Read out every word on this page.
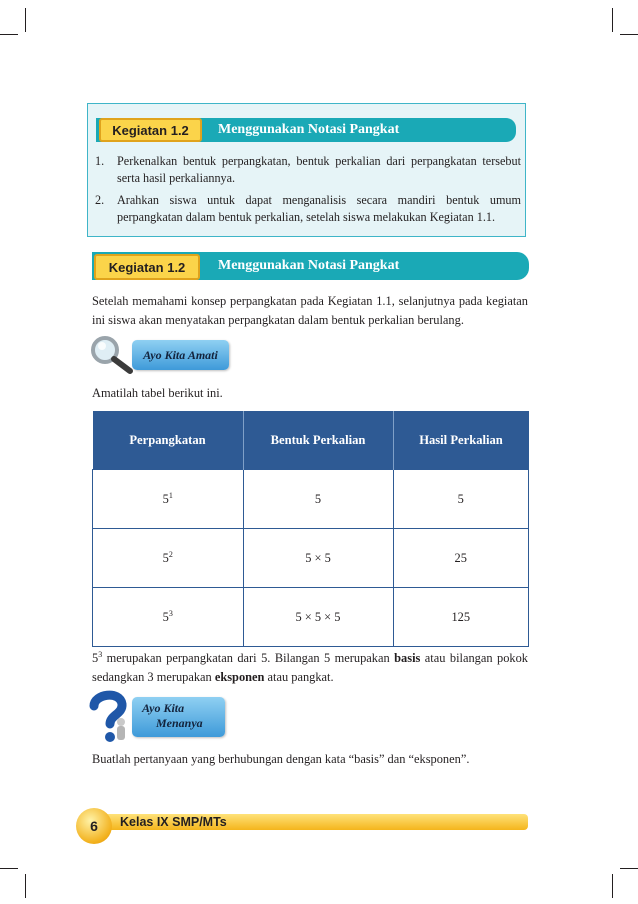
Kegiatan 1.2	Menggunakan Notasi Pangkat
1.	Perkenalkan bentuk perpangkatan, bentuk perkalian dari perpangkatan tersebut serta hasil perkaliannya.
2.	Arahkan siswa untuk dapat menganalisis secara mandiri bentuk umum perpangkatan dalam bentuk perkalian, setelah siswa melakukan Kegiatan 1.1.
Kegiatan 1.2	Menggunakan Notasi Pangkat
Setelah memahami konsep perpangkatan pada Kegiatan 1.1, selanjutnya pada kegiatan ini siswa akan menyatakan perpangkatan dalam bentuk perkalian berulang.
Ayo Kita Amati
Amatilah tabel berikut ini.
Perpangkatan	Bentuk Perkalian	Hasil Perkalian
$5^1$	5	5
$5^2$	5 × 5	25
$5^3$	5 × 5 × 5	125
$5^3$ merupakan perpangkatan dari 5. Bilangan 5 merupakan basis atau bilangan pokok sedangkan 3 merupakan eksponen atau pangkat.
Ayo Kita
Menanya
Buatlah pertanyaan yang berhubungan dengan kata “basis” dan “eksponen”.
6	Kelas IX SMP/MTs
